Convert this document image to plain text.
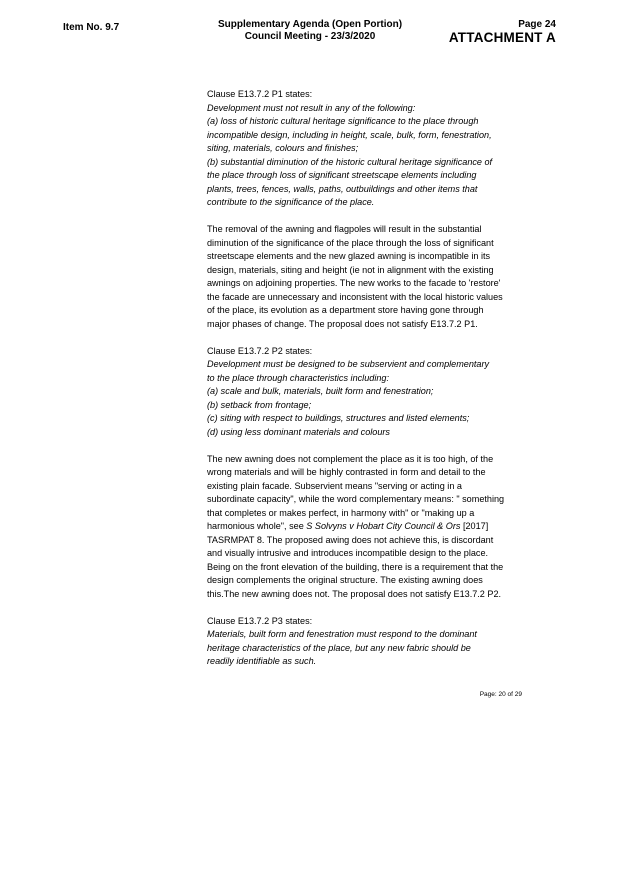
Item No. 9.7	Supplementary Agenda (Open Portion)
Council Meeting - 23/3/2020
Page 24
ATTACHMENT A

Clause E13.7.2 P1 states:

Development must not result in any of the following:

(a) loss of historic cultural heritage significance to the place through

incompatible design, including in height, scale, bulk, form, fenestration,

siting, materials, colours and finishes;

(b) substantial diminution of the historic cultural heritage significance of

the place through loss of significant streetscape elements including

plants, trees, fences, walls, paths, outbuildings and other items that

contribute to the significance of the place.

The removal of the awning and flagpoles will result in the substantial

diminution of the significance of the place through the loss of significant

streetscape elements and the new glazed awning is incompatible in its

design, materials, siting and height (ie not in alignment with the existing

awnings on adjoining properties. The new works to the facade to 'restore'

the facade are unnecessary and inconsistent with the local historic values

of the place, its evolution as a department store having gone through

major phases of change. The proposal does not satisfy E13.7.2 P1.

Clause E13.7.2 P2 states:

Development must be designed to be subservient and complementary

to the place through characteristics including:

(a) scale and bulk, materials, built form and fenestration;

(b) setback from frontage;

(c) siting with respect to buildings, structures and listed elements;

(d) using less dominant materials and colours

The new awning does not complement the place as it is too high, of the

wrong materials and will be highly contrasted in form and detail to the

existing plain facade. Subservient means "serving or acting in a

subordinate capacity", while the word complementary means: " something

that completes or makes perfect, in harmony with" or "making up a

harmonious whole", see S Solvyns v Hobart City Council & Ors [2017]

TASRMPAT 8. The proposed awing does not achieve this, is discordant

and visually intrusive and introduces incompatible design to the place.

Being on the front elevation of the building, there is a requirement that the

design complements the original structure. The existing awning does

this.The new awning does not. The proposal does not satisfy E13.7.2 P2.

Clause E13.7.2 P3 states:

Materials, built form and fenestration must respond to the dominant

heritage characteristics of the place, but any new fabric should be

readily identifiable as such.

Page: 20 of 29
